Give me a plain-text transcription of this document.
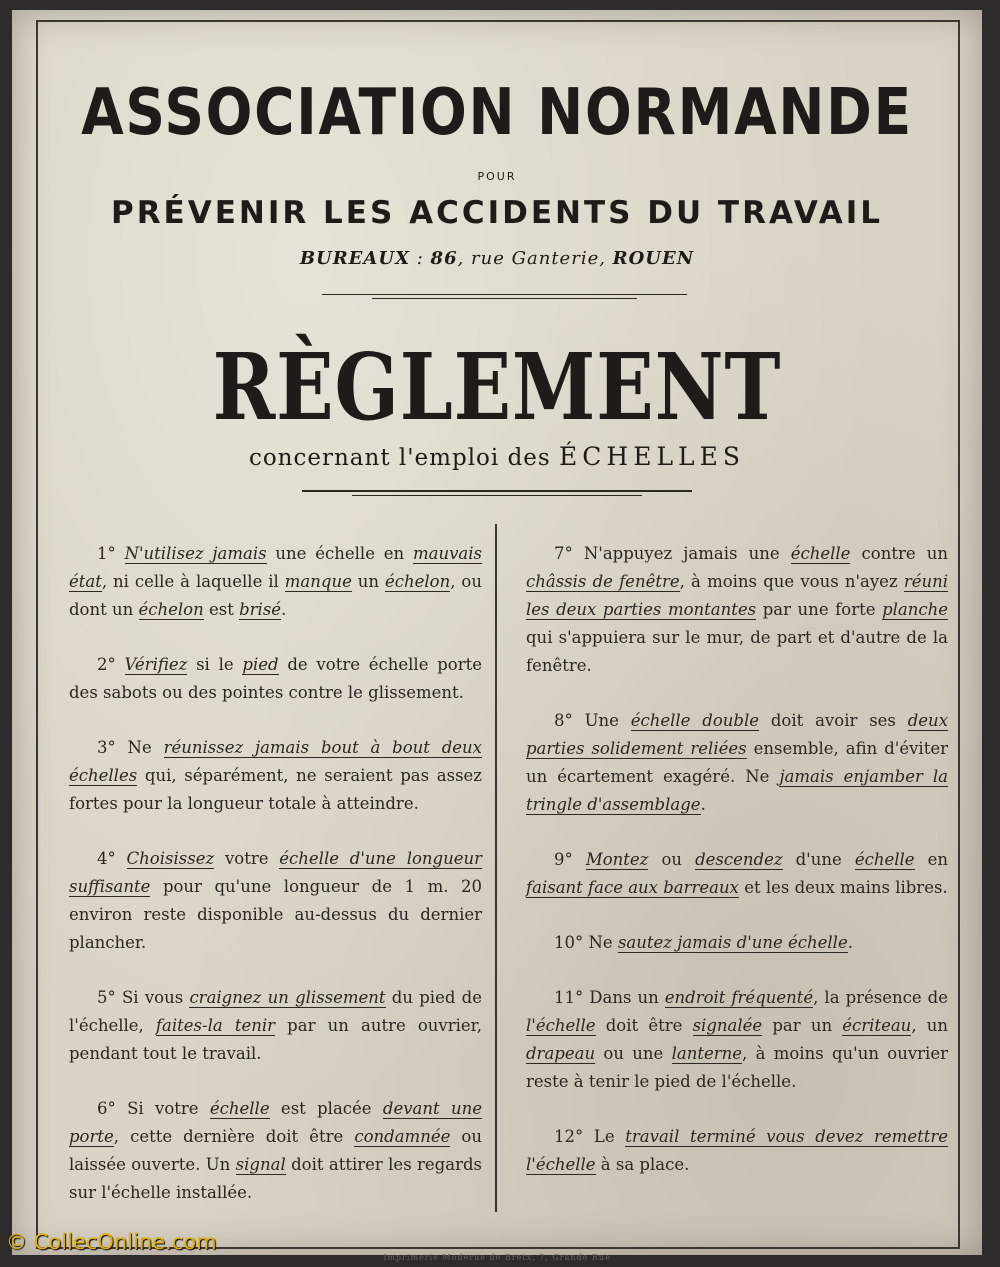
ASSOCIATION NORMANDE
POUR
PRÉVENIR LES ACCIDENTS DU TRAVAIL
BUREAUX : 86, rue Ganterie, ROUEN
RÈGLEMENT
concernant l'emploi des ÉCHELLES

1° N'utilisez jamais une échelle en mauvais état, ni celle à laquelle il manque un échelon, ou dont un échelon est brisé.

2° Vérifiez si le pied de votre échelle porte des sabots ou des pointes contre le glissement.

3° Ne réunissez jamais bout à bout deux échelles qui, séparément, ne seraient pas assez fortes pour la longueur totale à atteindre.

4° Choisissez votre échelle d'une longueur suffisante pour qu'une longueur de 1 m. 20 environ reste disponible au-dessus du dernier plancher.

5° Si vous craignez un glissement du pied de l'échelle, faites-la tenir par un autre ouvrier, pendant tout le travail.

6° Si votre échelle est placée devant une porte, cette dernière doit être condamnée ou laissée ouverte. Un signal doit attirer les regards sur l'échelle installée.

7° N'appuyez jamais une échelle contre un châssis de fenêtre, à moins que vous n'ayez réuni les deux parties montantes par une forte planche qui s'appuiera sur le mur, de part et d'autre de la fenêtre.

8° Une échelle double doit avoir ses deux parties solidement reliées ensemble, afin d'éviter un écartement exagéré. Ne jamais enjamber la tringle d'assemblage.

9° Montez ou descendez d'une échelle en faisant face aux barreaux et les deux mains libres.

10° Ne sautez jamais d'une échelle.

11° Dans un endroit fréquenté, la présence de l'échelle doit être signalée par un écriteau, un drapeau ou une lanterne, à moins qu'un ouvrier reste à tenir le pied de l'échelle.

12° Le travail terminé vous devez remettre l'échelle à sa place.

Imprimerie Moderne de Bretx, 7, Grande Rue
© ColleсOnline.com
